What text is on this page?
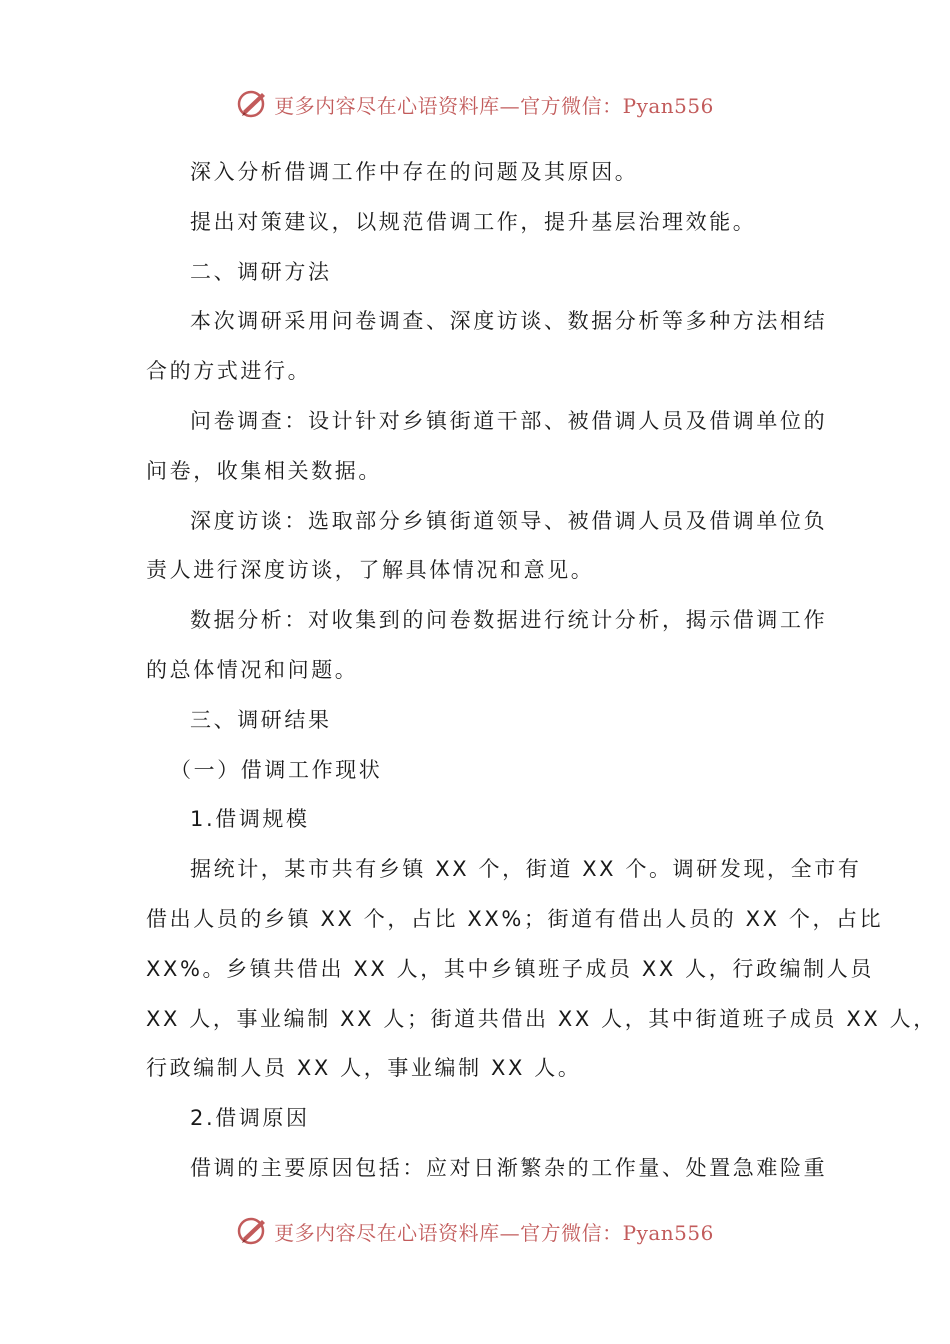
更多内容尽在心语资料库—官方微信：Pyan556

深入分析借调工作中存在的问题及其原因。

提出对策建议，以规范借调工作，提升基层治理效能。

二、调研方法

本次调研采用问卷调查、深度访谈、数据分析等多种方法相结

合的方式进行。

问卷调查：设计针对乡镇街道干部、被借调人员及借调单位的

问卷，收集相关数据。

深度访谈：选取部分乡镇街道领导、被借调人员及借调单位负

责人进行深度访谈，了解具体情况和意见。

数据分析：对收集到的问卷数据进行统计分析，揭示借调工作

的总体情况和问题。

三、调研结果

（一）借调工作现状

1.借调规模

据统计，某市共有乡镇 XX 个，街道 XX 个。调研发现，全市有

借出人员的乡镇 XX 个，占比 XX%；街道有借出人员的 XX 个，占比

XX%。乡镇共借出 XX 人，其中乡镇班子成员 XX 人，行政编制人员

XX 人，事业编制 XX 人；街道共借出 XX 人，其中街道班子成员 XX 人，

行政编制人员 XX 人，事业编制 XX 人。

2.借调原因

借调的主要原因包括：应对日渐繁杂的工作量、处置急难险重

更多内容尽在心语资料库—官方微信：Pyan556
